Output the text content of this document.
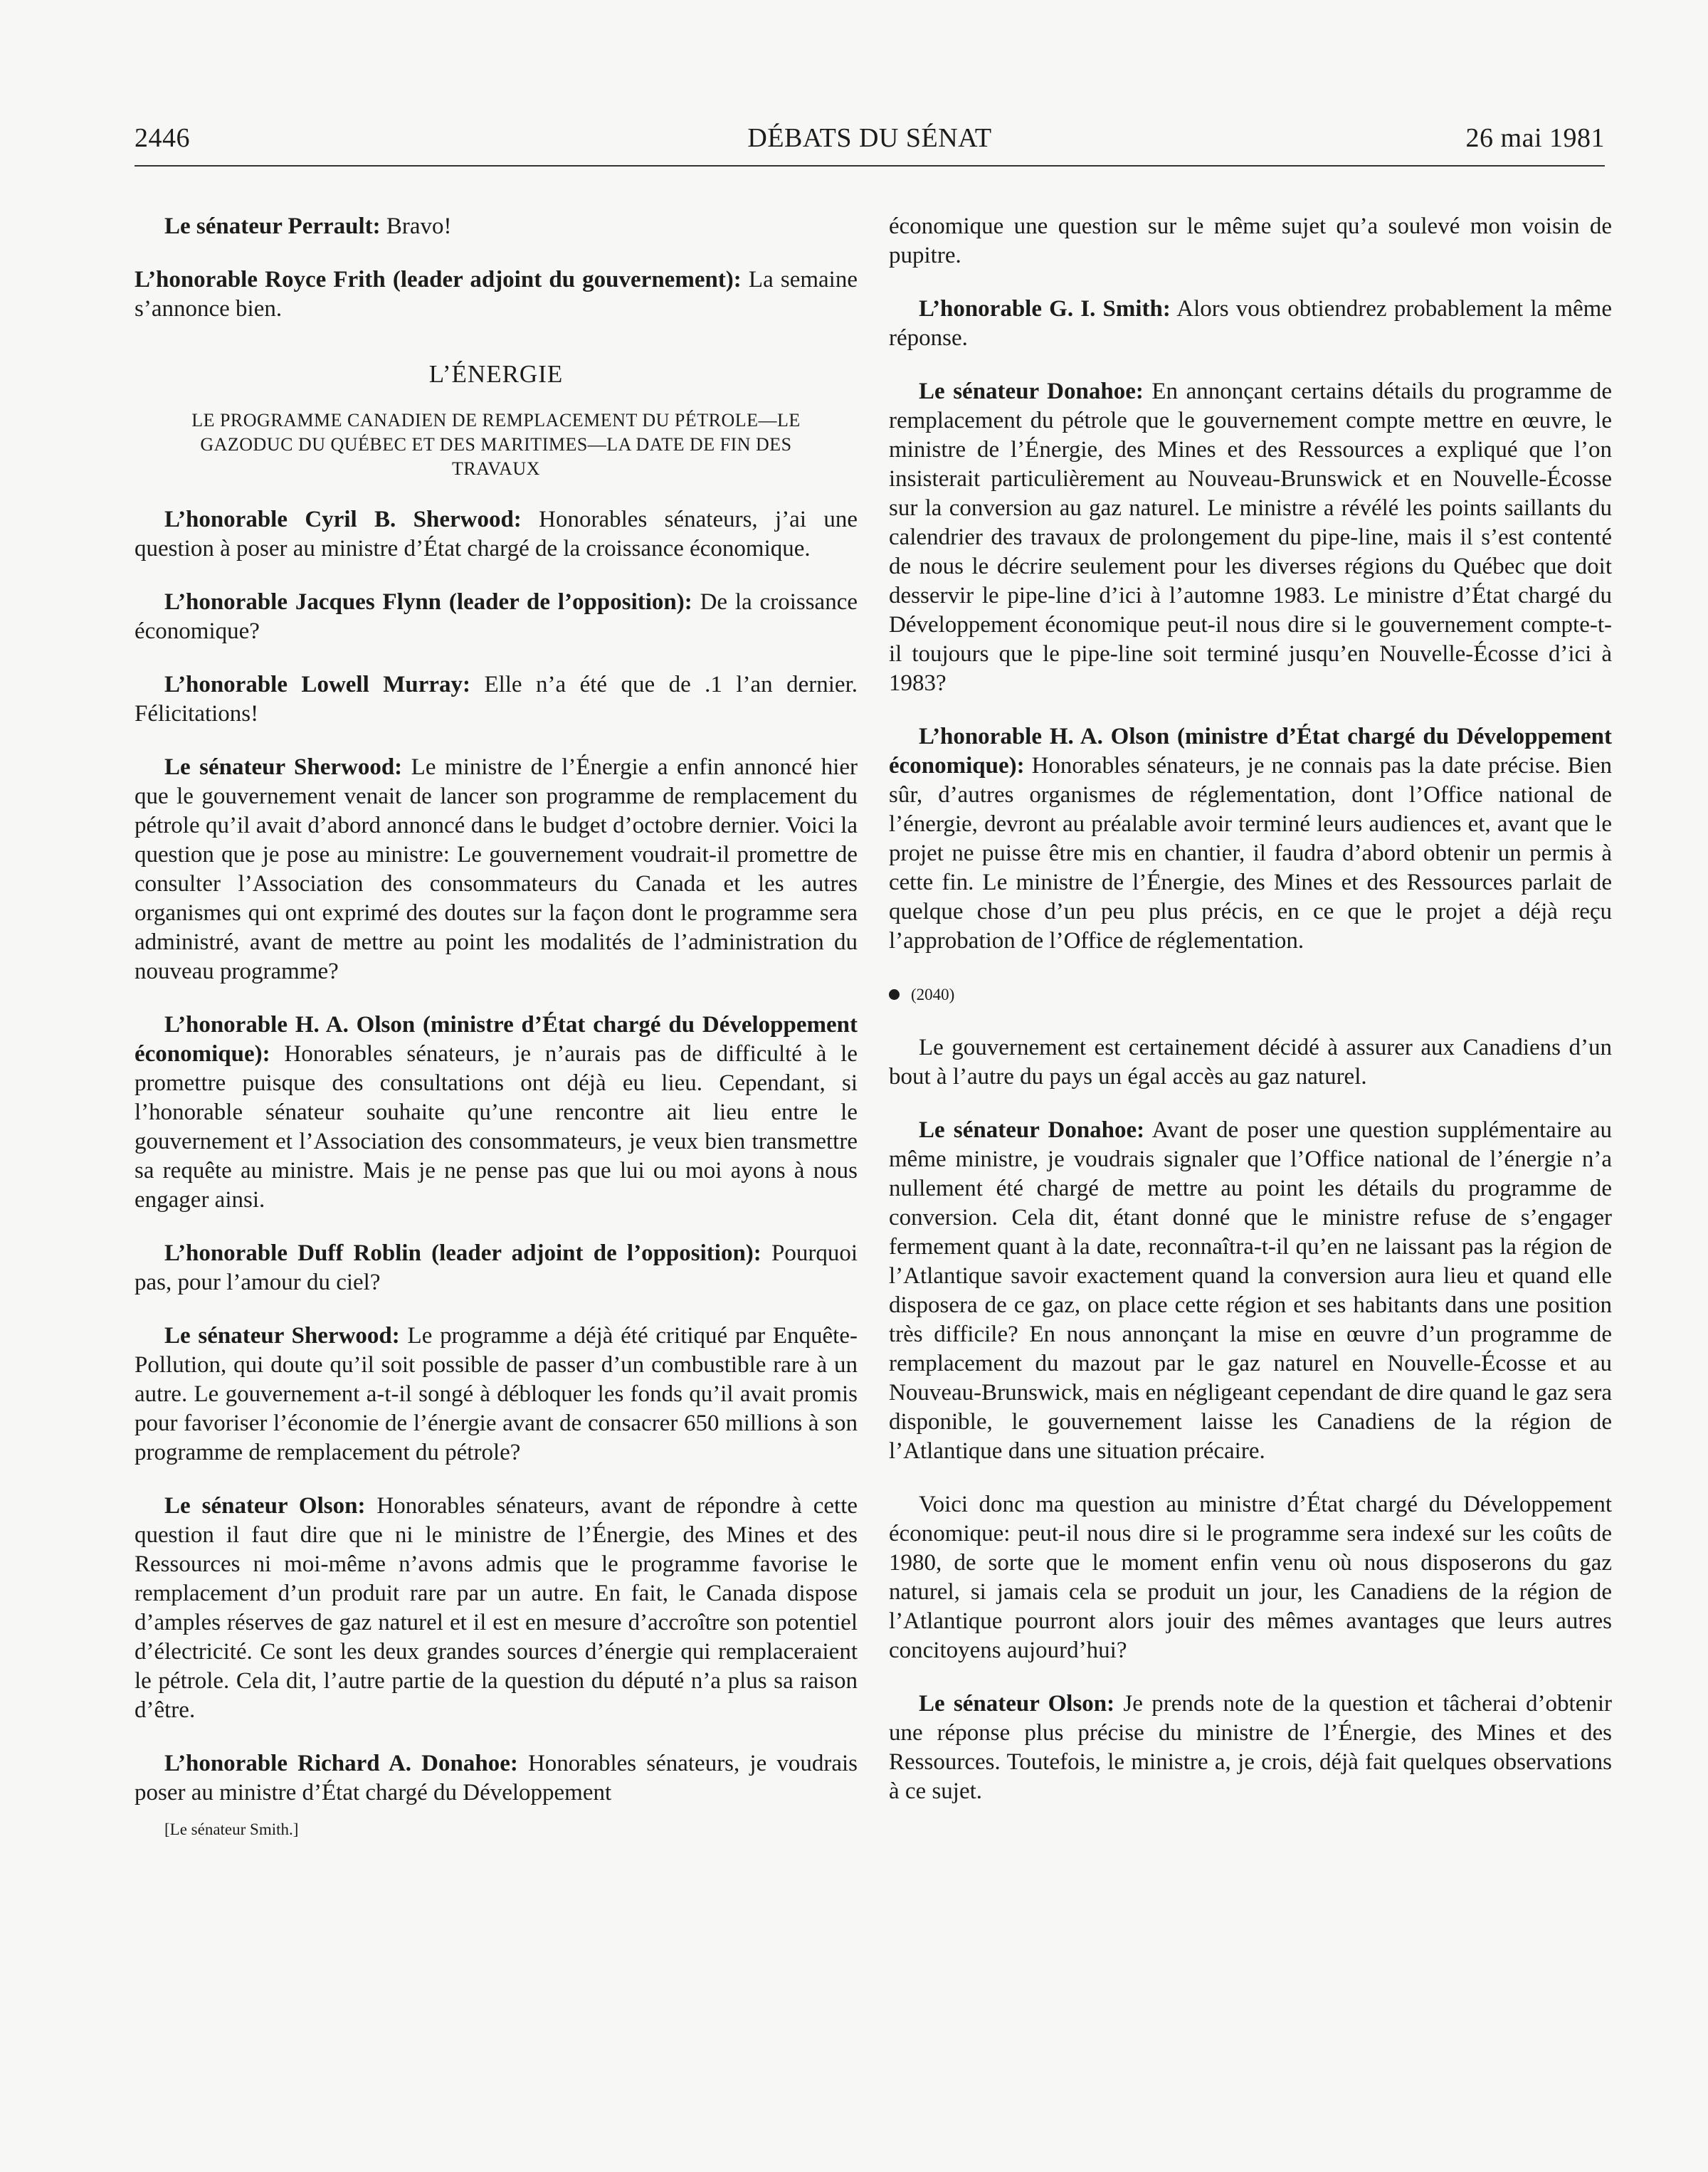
DÉBATS DU SÉNAT
2446	26 mai 1981

Le sénateur Perrault: Bravo!

L’honorable Royce Frith (leader adjoint du gouvernement): La semaine s’annonce bien.

L’ÉNERGIE
LE PROGRAMME CANADIEN DE REMPLACEMENT DU PÉTROLE—LE GAZODUC DU QUÉBEC ET DES MARITIMES—LA DATE DE FIN DES TRAVAUX

L’honorable Cyril B. Sherwood: Honorables sénateurs, j’ai une question à poser au ministre d’État chargé de la croissance économique.

L’honorable Jacques Flynn (leader de l’opposition): De la croissance économique?

L’honorable Lowell Murray: Elle n’a été que de .1 l’an dernier. Félicitations!

Le sénateur Sherwood: Le ministre de l’Énergie a enfin annoncé hier que le gouvernement venait de lancer son programme de remplacement du pétrole qu’il avait d’abord annoncé dans le budget d’octobre dernier. Voici la question que je pose au ministre: Le gouvernement voudrait-il promettre de consulter l’Association des consommateurs du Canada et les autres organismes qui ont exprimé des doutes sur la façon dont le programme sera administré, avant de mettre au point les modalités de l’administration du nouveau programme?

L’honorable H. A. Olson (ministre d’État chargé du Développement économique): Honorables sénateurs, je n’aurais pas de difficulté à le promettre puisque des consultations ont déjà eu lieu. Cependant, si l’honorable sénateur souhaite qu’une rencontre ait lieu entre le gouvernement et l’Association des consommateurs, je veux bien transmettre sa requête au ministre. Mais je ne pense pas que lui ou moi ayons à nous engager ainsi.

L’honorable Duff Roblin (leader adjoint de l’opposition): Pourquoi pas, pour l’amour du ciel?

Le sénateur Sherwood: Le programme a déjà été critiqué par Enquête-Pollution, qui doute qu’il soit possible de passer d’un combustible rare à un autre. Le gouvernement a-t-il songé à débloquer les fonds qu’il avait promis pour favoriser l’économie de l’énergie avant de consacrer 650 millions à son programme de remplacement du pétrole?

Le sénateur Olson: Honorables sénateurs, avant de répondre à cette question il faut dire que ni le ministre de l’Énergie, des Mines et des Ressources ni moi-même n’avons admis que le programme favorise le remplacement d’un produit rare par un autre. En fait, le Canada dispose d’amples réserves de gaz naturel et il est en mesure d’accroître son potentiel d’électricité. Ce sont les deux grandes sources d’énergie qui remplaceraient le pétrole. Cela dit, l’autre partie de la question du député n’a plus sa raison d’être.

L’honorable Richard A. Donahoe: Honorables sénateurs, je voudrais poser au ministre d’État chargé du Développement

[Le sénateur Smith.]

économique une question sur le même sujet qu’a soulevé mon voisin de pupitre.

L’honorable G. I. Smith: Alors vous obtiendrez probablement la même réponse.

Le sénateur Donahoe: En annonçant certains détails du programme de remplacement du pétrole que le gouvernement compte mettre en œuvre, le ministre de l’Énergie, des Mines et des Ressources a expliqué que l’on insisterait particulièrement au Nouveau-Brunswick et en Nouvelle-Écosse sur la conversion au gaz naturel. Le ministre a révélé les points saillants du calendrier des travaux de prolongement du pipe-line, mais il s’est contenté de nous le décrire seulement pour les diverses régions du Québec que doit desservir le pipe-line d’ici à l’automne 1983. Le ministre d’État chargé du Développement économique peut-il nous dire si le gouvernement compte-t-il toujours que le pipe-line soit terminé jusqu’en Nouvelle-Écosse d’ici à 1983?

L’honorable H. A. Olson (ministre d’État chargé du Développement économique): Honorables sénateurs, je ne connais pas la date précise. Bien sûr, d’autres organismes de réglementation, dont l’Office national de l’énergie, devront au préalable avoir terminé leurs audiences et, avant que le projet ne puisse être mis en chantier, il faudra d’abord obtenir un permis à cette fin. Le ministre de l’Énergie, des Mines et des Ressources parlait de quelque chose d’un peu plus précis, en ce que le projet a déjà reçu l’approbation de l’Office de réglementation.

(2040)

Le gouvernement est certainement décidé à assurer aux Canadiens d’un bout à l’autre du pays un égal accès au gaz naturel.

Le sénateur Donahoe: Avant de poser une question supplémentaire au même ministre, je voudrais signaler que l’Office national de l’énergie n’a nullement été chargé de mettre au point les détails du programme de conversion. Cela dit, étant donné que le ministre refuse de s’engager fermement quant à la date, reconnaîtra-t-il qu’en ne laissant pas la région de l’Atlantique savoir exactement quand la conversion aura lieu et quand elle disposera de ce gaz, on place cette région et ses habitants dans une position très difficile? En nous annonçant la mise en œuvre d’un programme de remplacement du mazout par le gaz naturel en Nouvelle-Écosse et au Nouveau-Brunswick, mais en négligeant cependant de dire quand le gaz sera disponible, le gouvernement laisse les Canadiens de la région de l’Atlantique dans une situation précaire.

Voici donc ma question au ministre d’État chargé du Développement économique: peut-il nous dire si le programme sera indexé sur les coûts de 1980, de sorte que le moment enfin venu où nous disposerons du gaz naturel, si jamais cela se produit un jour, les Canadiens de la région de l’Atlantique pourront alors jouir des mêmes avantages que leurs autres concitoyens aujourd’hui?

Le sénateur Olson: Je prends note de la question et tâcherai d’obtenir une réponse plus précise du ministre de l’Énergie, des Mines et des Ressources. Toutefois, le ministre a, je crois, déjà fait quelques observations à ce sujet.
